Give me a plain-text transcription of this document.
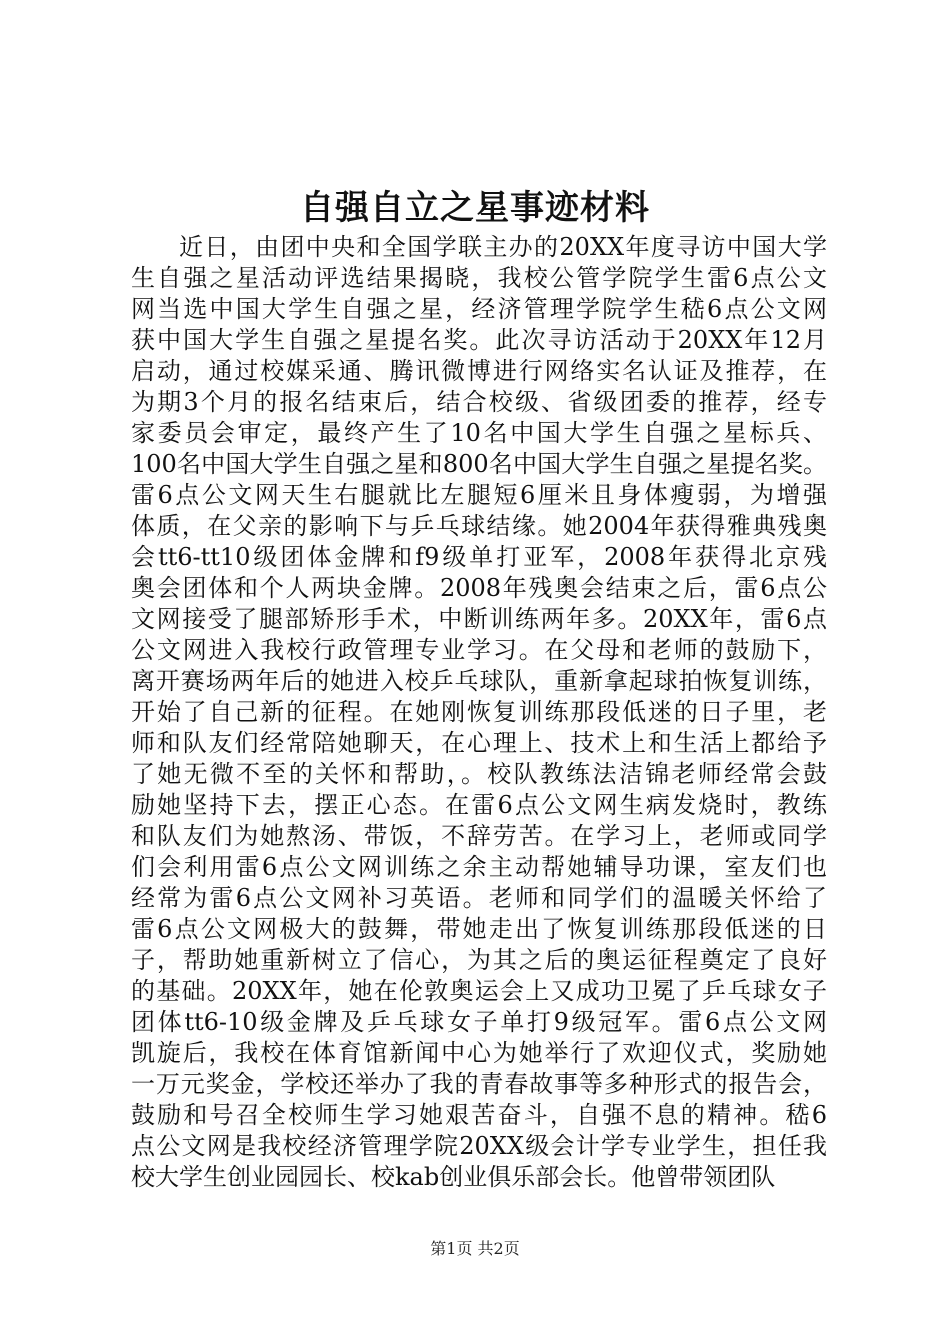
自强自立之星事迹材料
近日，由团中央和全国学联主办的20XX年度寻访中国大学
生自强之星活动评选结果揭晓，我校公管学院学生雷6点公文
网当选中国大学生自强之星，经济管理学院学生嵇6点公文网
获中国大学生自强之星提名奖。此次寻访活动于20XX年12月
启动，通过校媒采通、腾讯微博进行网络实名认证及推荐，在
为期3个月的报名结束后，结合校级、省级团委的推荐，经专
家委员会审定，最终产生了10名中国大学生自强之星标兵、
100名中国大学生自强之星和800名中国大学生自强之星提名奖。
雷6点公文网天生右腿就比左腿短6厘米且身体瘦弱，为增强
体质，在父亲的影响下与乒乓球结缘。她2004年获得雅典残奥
会tt6-tt10级团体金牌和f9级单打亚军，2008年获得北京残
奥会团体和个人两块金牌。2008年残奥会结束之后，雷6点公
文网接受了腿部矫形手术，中断训练两年多。20XX年，雷6点
公文网进入我校行政管理专业学习。在父母和老师的鼓励下，
离开赛场两年后的她进入校乒乓球队，重新拿起球拍恢复训练，
开始了自己新的征程。在她刚恢复训练那段低迷的日子里，老
师和队友们经常陪她聊天，在心理上、技术上和生活上都给予
了她无微不至的关怀和帮助，。校队教练法洁锦老师经常会鼓
励她坚持下去，摆正心态。在雷6点公文网生病发烧时，教练
和队友们为她熬汤、带饭，不辞劳苦。在学习上，老师或同学
们会利用雷6点公文网训练之余主动帮她辅导功课，室友们也
经常为雷6点公文网补习英语。老师和同学们的温暖关怀给了
雷6点公文网极大的鼓舞，带她走出了恢复训练那段低迷的日
子，帮助她重新树立了信心，为其之后的奥运征程奠定了良好
的基础。20XX年，她在伦敦奥运会上又成功卫冕了乒乓球女子
团体tt6-10级金牌及乒乓球女子单打9级冠军。雷6点公文网
凯旋后，我校在体育馆新闻中心为她举行了欢迎仪式，奖励她
一万元奖金，学校还举办了我的青春故事等多种形式的报告会，
鼓励和号召全校师生学习她艰苦奋斗，自强不息的精神。嵇6
点公文网是我校经济管理学院20XX级会计学专业学生，担任我
校大学生创业园园长、校kab创业俱乐部会长。他曾带领团队
第1页 共2页
